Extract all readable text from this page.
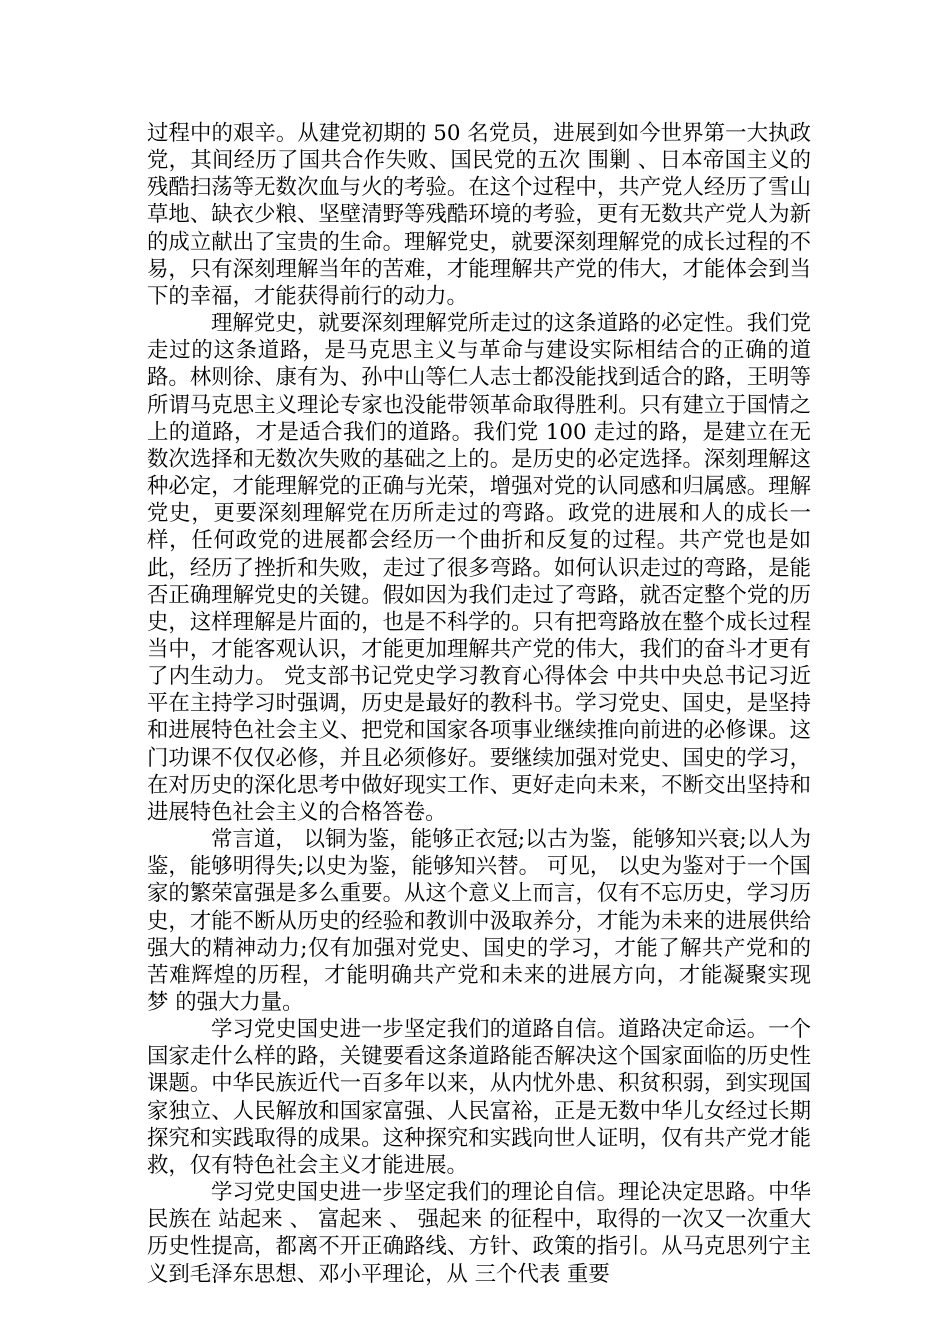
过程中的艰辛。从建党初期的 50 名党员，进展到如今世界第一大执政党，其间经历了国共合作失败、国民党的五次 围剿 、日本帝国主义的残酷扫荡等无数次血与火的考验。在这个过程中，共产党人经历了雪山草地、缺衣少粮、坚壁清野等残酷环境的考验，更有无数共产党人为新的成立献出了宝贵的生命。理解党史，就要深刻理解党的成长过程的不易，只有深刻理解当年的苦难，才能理解共产党的伟大，才能体会到当下的幸福，才能获得前行的动力。

理解党史，就要深刻理解党所走过的这条道路的必定性。我们党走过的这条道路，是马克思主义与革命与建设实际相结合的正确的道路。林则徐、康有为、孙中山等仁人志士都没能找到适合的路，王明等所谓马克思主义理论专家也没能带领革命取得胜利。只有建立于国情之上的道路，才是适合我们的道路。我们党 100 走过的路，是建立在无数次选择和无数次失败的基础之上的。是历史的必定选择。深刻理解这种必定，才能理解党的正确与光荣，增强对党的认同感和归属感。理解党史，更要深刻理解党在历所走过的弯路。政党的进展和人的成长一样，任何政党的进展都会经历一个曲折和反复的过程。共产党也是如此，经历了挫折和失败，走过了很多弯路。如何认识走过的弯路，是能否正确理解党史的关键。假如因为我们走过了弯路，就否定整个党的历史，这样理解是片面的，也是不科学的。只有把弯路放在整个成长过程当中，才能客观认识，才能更加理解共产党的伟大，我们的奋斗才更有了内生动力。 党支部书记党史学习教育心得体会 中共中央总书记习近平在主持学习时强调，历史是最好的教科书。学习党史、国史，是坚持和进展特色社会主义、把党和国家各项事业继续推向前进的必修课。这门功课不仅仅必修，并且必须修好。要继续加强对党史、国史的学习，在对历史的深化思考中做好现实工作、更好走向未来，不断交出坚持和进展特色社会主义的合格答卷。

常言道， 以铜为鉴，能够正衣冠;以古为鉴，能够知兴衰;以人为鉴，能够明得失;以史为鉴，能够知兴替。 可见， 以史为鉴对于一个国家的繁荣富强是多么重要。从这个意义上而言，仅有不忘历史，学习历史，才能不断从历史的经验和教训中汲取养分，才能为未来的进展供给强大的精神动力;仅有加强对党史、国史的学习，才能了解共产党和的苦难辉煌的历程，才能明确共产党和未来的进展方向，才能凝聚实现 梦 的强大力量。

学习党史国史进一步坚定我们的道路自信。道路决定命运。一个国家走什么样的路，关键要看这条道路能否解决这个国家面临的历史性课题。中华民族近代一百多年以来，从内忧外患、积贫积弱，到实现国家独立、人民解放和国家富强、人民富裕，正是无数中华儿女经过长期探究和实践取得的成果。这种探究和实践向世人证明，仅有共产党才能救，仅有特色社会主义才能进展。

学习党史国史进一步坚定我们的理论自信。理论决定思路。中华民族在 站起来 、 富起来 、 强起来 的征程中，取得的一次又一次重大历史性提高，都离不开正确路线、方针、政策的指引。从马克思列宁主义到毛泽东思想、邓小平理论，从 三个代表 重要
